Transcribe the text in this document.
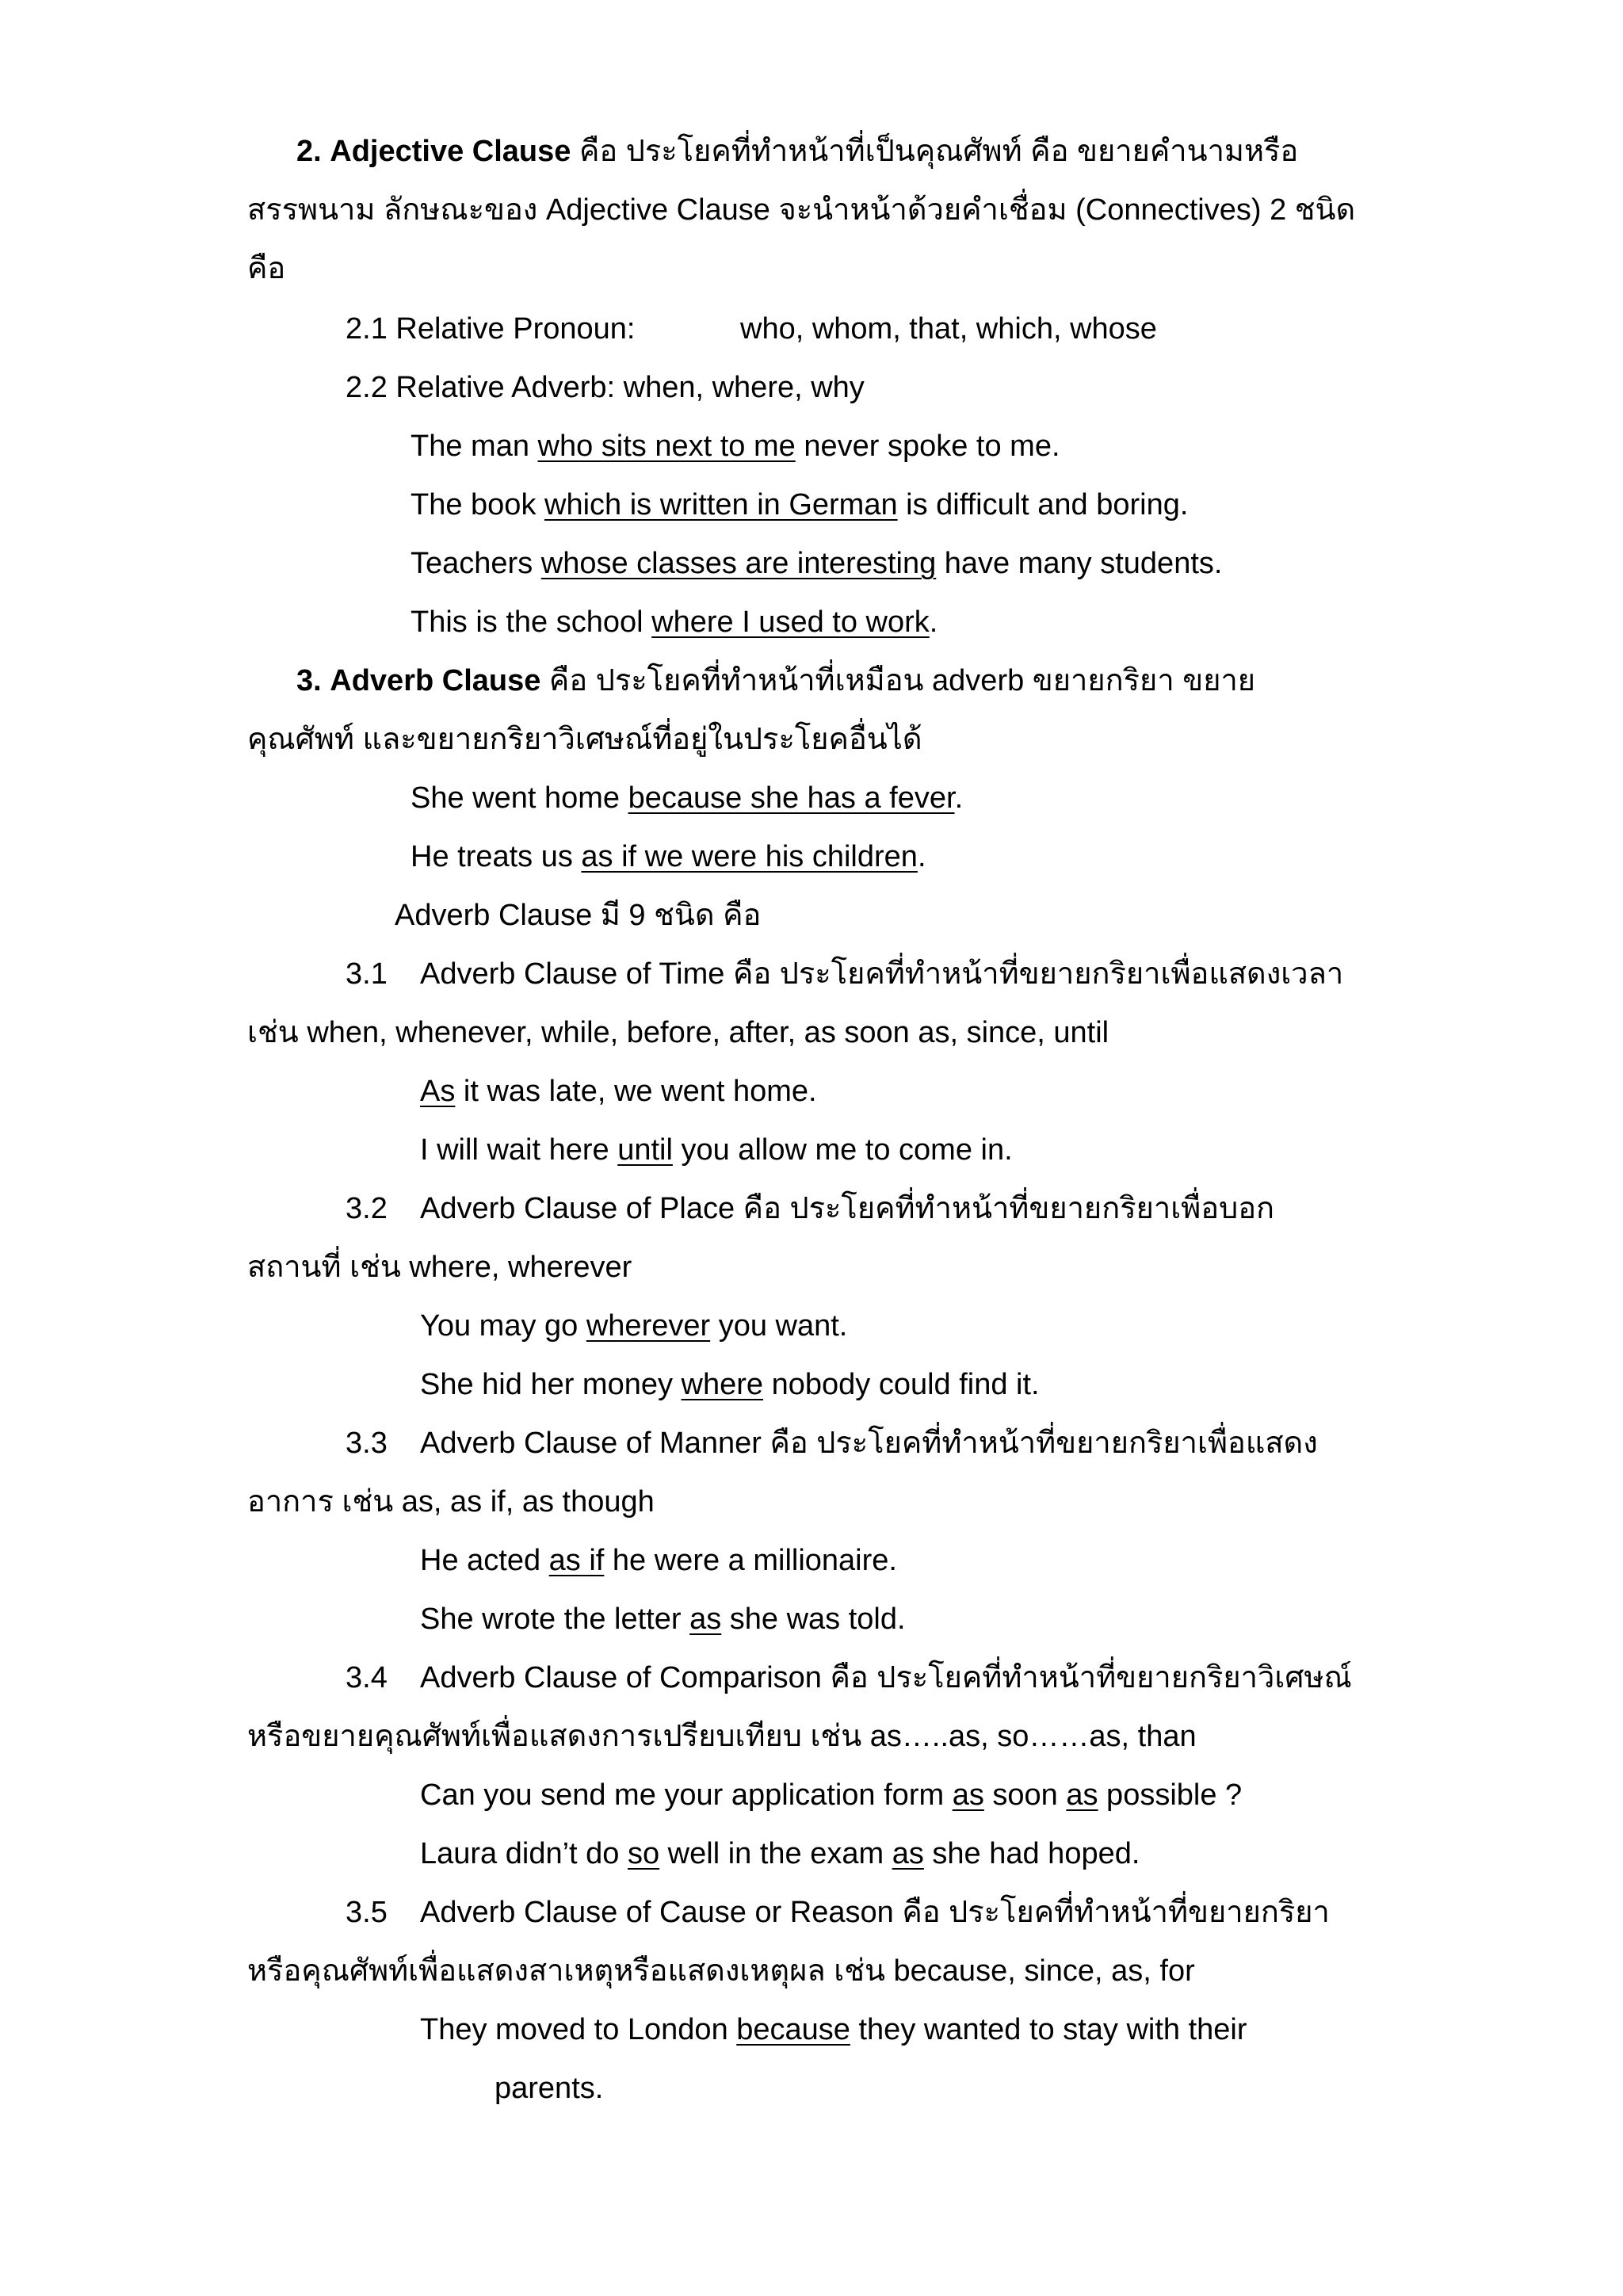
2. Adjective Clause คือ ประโยคที่ทำหน้าที่เป็นคุณศัพท์ คือ ขยายคำนามหรือ
สรรพนาม ลักษณะของ Adjective Clause จะนำหน้าด้วยคำเชื่อม (Connectives) 2 ชนิด
คือ
2.1 Relative Pronoun:	who, whom, that, which, whose
2.2 Relative Adverb: when, where, why
The man who sits next to me never spoke to me.
The book which is written in German is difficult and boring.
Teachers whose classes are interesting have many students.
This is the school where I used to work.
3. Adverb Clause คือ ประโยคที่ทำหน้าที่เหมือน adverb ขยายกริยา ขยาย
คุณศัพท์ และขยายกริยาวิเศษณ์ที่อยู่ในประโยคอื่นได้
She went home because she has a fever.
He treats us as if we were his children.
Adverb Clause มี 9 ชนิด คือ
3.1 Adverb Clause of Time คือ ประโยคที่ทำหน้าที่ขยายกริยาเพื่อแสดงเวลา
เช่น when, whenever, while, before, after, as soon as, since, until
As it was late, we went home.
I will wait here until you allow me to come in.
3.2 Adverb Clause of Place คือ ประโยคที่ทำหน้าที่ขยายกริยาเพื่อบอก
สถานที่ เช่น where, wherever
You may go wherever you want.
She hid her money where nobody could find it.
3.3 Adverb Clause of Manner คือ ประโยคที่ทำหน้าที่ขยายกริยาเพื่อแสดง
อาการ เช่น as, as if, as though
He acted as if he were a millionaire.
She wrote the letter as she was told.
3.4 Adverb Clause of Comparison คือ ประโยคที่ทำหน้าที่ขยายกริยาวิเศษณ์
หรือขยายคุณศัพท์เพื่อแสดงการเปรียบเทียบ เช่น as…..as, so……as, than
Can you send me your application form as soon as possible ?
Laura didn’t do so well in the exam as she had hoped.
3.5 Adverb Clause of Cause or Reason คือ ประโยคที่ทำหน้าที่ขยายกริยา
หรือคุณศัพท์เพื่อแสดงสาเหตุหรือแสดงเหตุผล เช่น because, since, as, for
They moved to London because they wanted to stay with their
parents.
